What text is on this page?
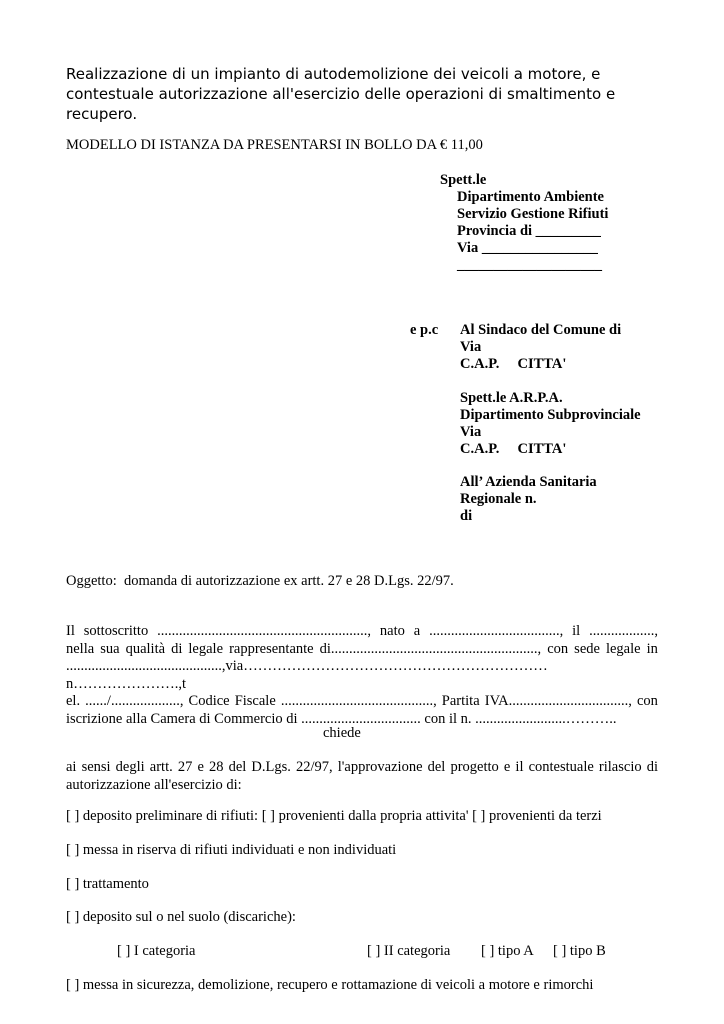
Realizzazione di un impianto di autodemolizione dei veicoli a motore, e contestuale autorizzazione all'esercizio delle operazioni di smaltimento e recupero.
MODELLO DI ISTANZA DA PRESENTARSI IN BOLLO DA € 11,00
Spett.le
Dipartimento Ambiente
Servizio Gestione Rifiuti
Provincia di _________
Via ________________
____________________
e p.c Al Sindaco del Comune di
Via
C.A.P.     CITTA'
Spett.le A.R.P.A.
Dipartimento Subprovinciale
Via
C.A.P.     CITTA'
All’ Azienda Sanitaria
Regionale n.
di
Oggetto:  domanda di autorizzazione ex artt. 27 e 28 D.Lgs. 22/97.
Il sottoscritto .........................................................., nato a ...................................., il ..................,
nella sua qualità di legale rappresentante di........................................................., con sede legale in
...........................................,via………………………………………………………n………………….,t
el. ....../..................., Codice Fiscale .........................................., Partita IVA................................., con
iscrizione alla Camera di Commercio di ................................. con il n. .........................………..
chiede
ai sensi degli artt. 27 e 28 del D.Lgs. 22/97, l'approvazione del progetto e il contestuale rilascio di autorizzazione all'esercizio di:
[ ] deposito preliminare di rifiuti: [ ] provenienti dalla propria attivita' [ ] provenienti da terzi
[ ] messa in riserva di rifiuti individuati e non individuati
[ ] trattamento
[ ] deposito sul o nel suolo (discariche):
[ ] I categoria	[ ] II categoria [ ] tipo A [ ] tipo B
[ ] messa in sicurezza, demolizione, recupero e rottamazione di veicoli a motore e rimorchi
